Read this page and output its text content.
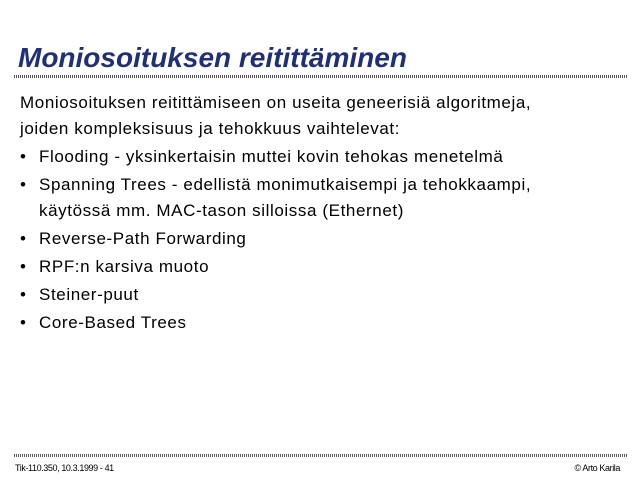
Moniosoituksen reitittäminen

Moniosoituksen reitittämiseen on useita geneerisiä algoritmeja,
joiden kompleksisuus ja tehokkuus vaihtelevat:

• Flooding - yksinkertaisin muttei kovin tehokas menetelmä
• Spanning Trees - edellistä monimutkaisempi ja tehokkaampi,
käytössä mm. MAC-tason silloissa (Ethernet)
• Reverse-Path Forwarding
• RPF:n karsiva muoto
• Steiner-puut
• Core-Based Trees
Tik-110.350, 10.3.1999 - 41	© Arto Karila
